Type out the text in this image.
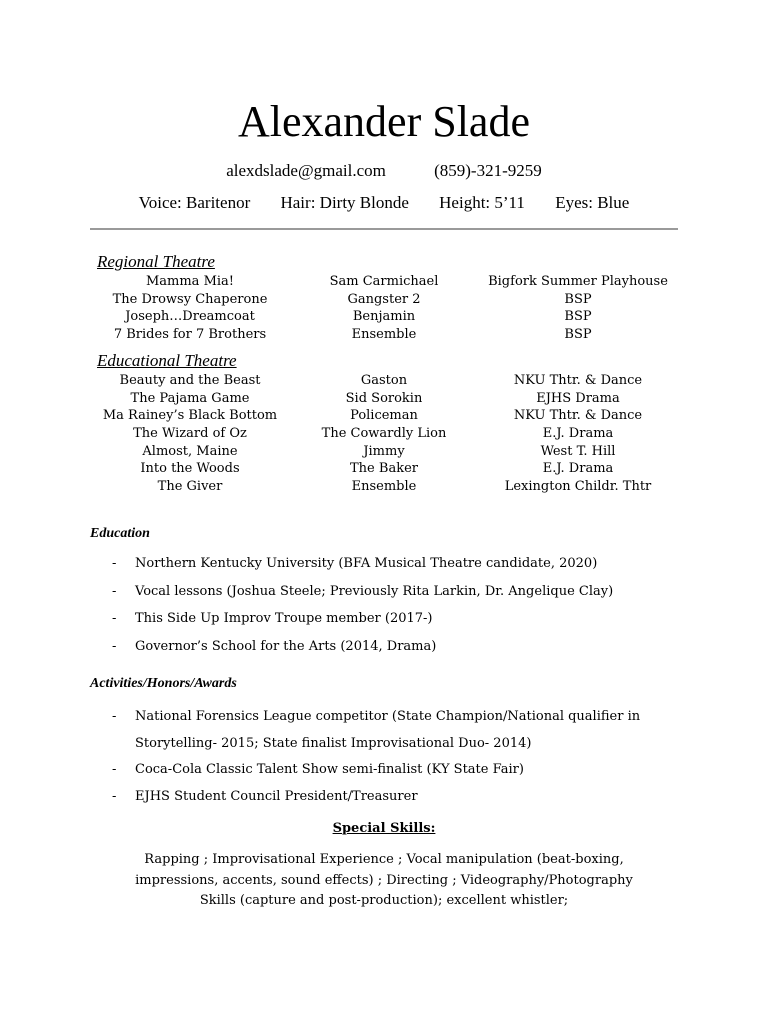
Alexander Slade
alexdslade@gmail.com	(859)-321-9259
Voice: Baritenor Hair: Dirty Blonde Height: 5’11 Eyes: Blue
Regional Theatre
Mamma Mia!	Sam Carmichael	Bigfork Summer Playhouse
The Drowsy Chaperone	Gangster 2	BSP
Joseph…Dreamcoat	Benjamin	BSP
7 Brides for 7 Brothers	Ensemble	BSP
Educational Theatre
Beauty and the Beast	Gaston	NKU Thtr. & Dance
The Pajama Game	Sid Sorokin	EJHS Drama
Ma Rainey’s Black Bottom	Policeman	NKU Thtr. & Dance
The Wizard of Oz	The Cowardly Lion	E.J. Drama
Almost, Maine	Jimmy	West T. Hill
Into the Woods	The Baker	E.J. Drama
The Giver	Ensemble	Lexington Childr. Thtr
Education
- Northern Kentucky University (BFA Musical Theatre candidate, 2020)
- Vocal lessons (Joshua Steele; Previously Rita Larkin, Dr. Angelique Clay)
- This Side Up Improv Troupe member (2017-)
- Governor’s School for the Arts (2014, Drama)
Activities/Honors/Awards
- National Forensics League competitor (State Champion/National qualifier in
Storytelling- 2015; State finalist Improvisational Duo- 2014)
- Coca-Cola Classic Talent Show semi-finalist (KY State Fair)
- EJHS Student Council President/Treasurer
Special Skills:
Rapping ; Improvisational Experience ; Vocal manipulation (beat-boxing, impressions, accents, sound effects) ; Directing ; Videography/Photography Skills (capture and post-production); excellent whistler;
